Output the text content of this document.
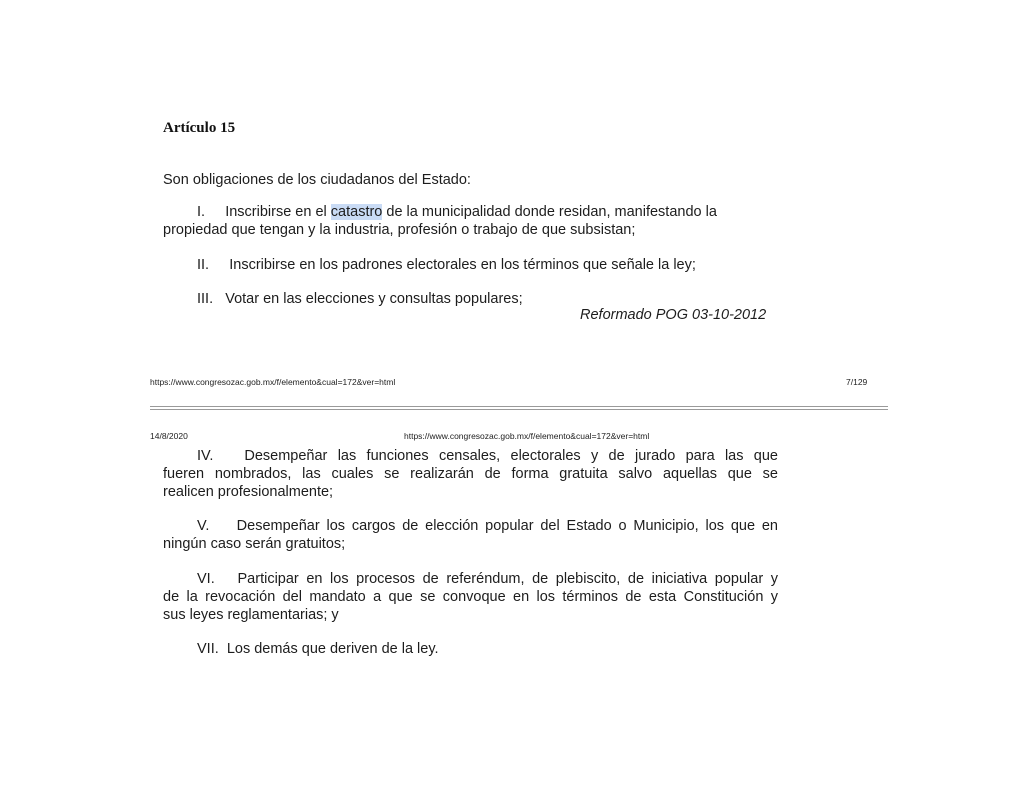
Artículo 15
Son obligaciones de los ciudadanos del Estado:
I.     Inscribirse en el catastro de la municipalidad donde residan, manifestando la
propiedad que tengan y la industria, profesión o trabajo de que subsistan;
II.     Inscribirse en los padrones electorales en los términos que señale la ley;
III.   Votar en las elecciones y consultas populares;
Reformado POG 03-10-2012
https://www.congresozac.gob.mx/f/elemento&cual=172&ver=html	7/129
14/8/2020	https://www.congresozac.gob.mx/f/elemento&cual=172&ver=html
IV.   Desempeñar las funciones censales, electorales y de jurado para las que
fueren nombrados, las cuales se realizarán de forma gratuita salvo aquellas que se
realicen profesionalmente;
V.    Desempeñar los cargos de elección popular del Estado o Municipio, los que en
ningún caso serán gratuitos;
VI.   Participar en los procesos de referéndum, de plebiscito, de iniciativa popular y
de la revocación del mandato a que se convoque en los términos de esta Constitución y
sus leyes reglamentarias; y
VII.  Los demás que deriven de la ley.
